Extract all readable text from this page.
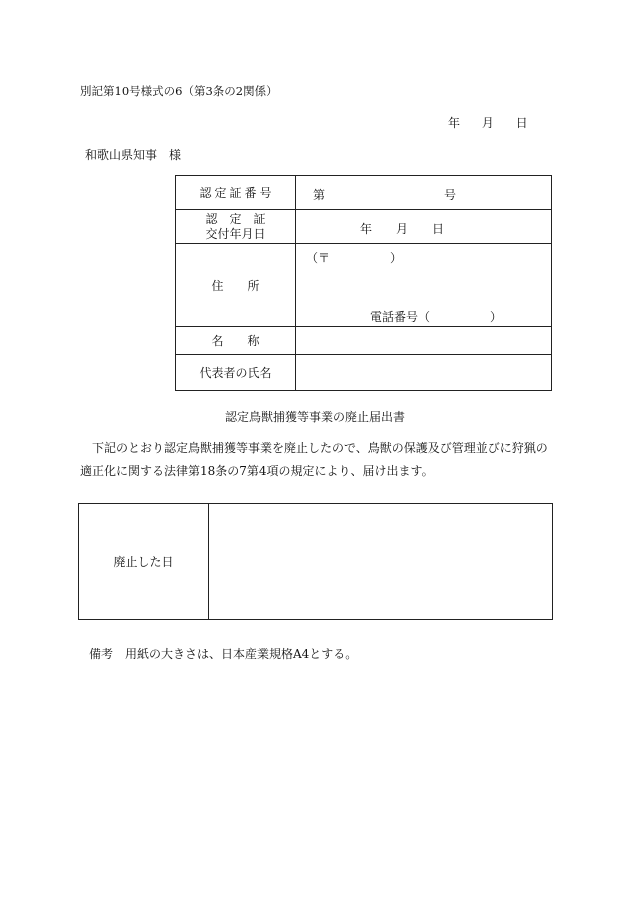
別記第10号様式の6（第3条の2関係）
年 月 日
和歌山県知事　様
認定証番号	第 号

認　定　証
交付年月日	年　　月　　日

住　　所	（〒　　　　　）
電話番号（　　　　　）

名　　称	
代表者の氏名	
認定鳥獣捕獲等事業の廃止届出書
下記のとおり認定鳥獣捕獲等事業を廃止したので、鳥獣の保護及び管理並びに狩猟の適正化に関する法律第18条の7第4項の規定により、届け出ます。
廃止した日	
備考　用紙の大きさは、日本産業規格A4とする。
